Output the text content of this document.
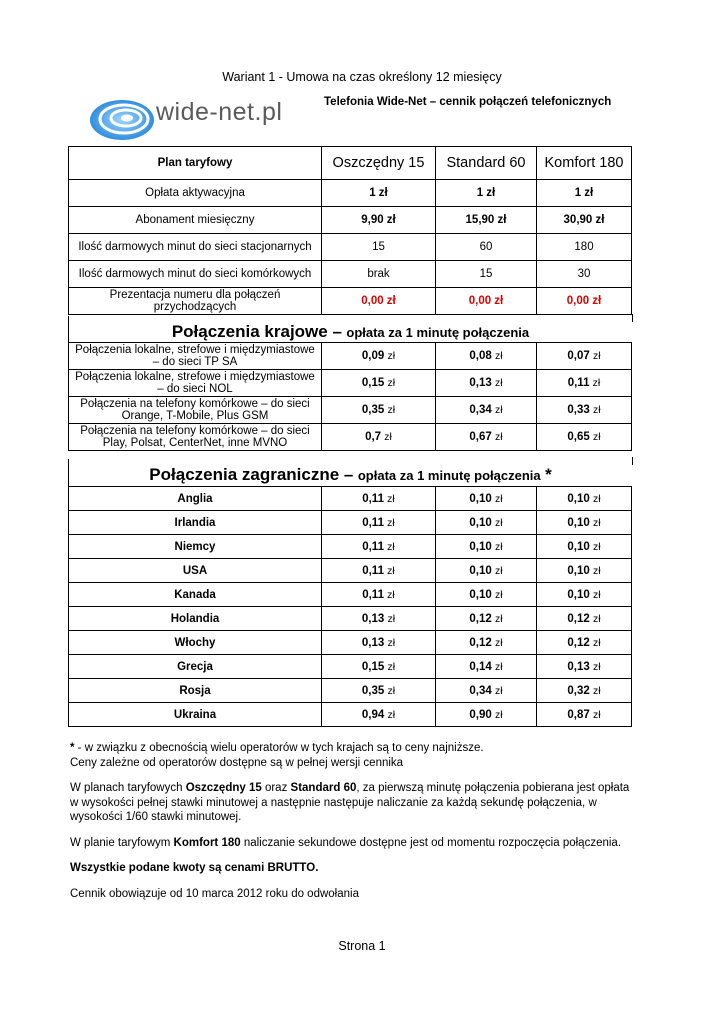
Wariant 1 - Umowa na czas określony 12 miesięcy
wide-net.pl	Telefonia Wide-Net – cennik połączeń telefonicznych
Plan taryfowy	Oszczędny 15	Standard 60	Komfort 180
Opłata aktywacyjna	1 zł	1 zł	1 zł
Abonament miesięczny	9,90 zł	15,90 zł	30,90 zł
Ilość darmowych minut do sieci stacjonarnych	15	60	180
Ilość darmowych minut do sieci komórkowych	brak	15	30
Prezentacja numeru dla połączeń przychodzących	0,00 zł	0,00 zł	0,00 zł
Połączenia krajowe – opłata za 1 minutę połączenia
Połączenia lokalne, strefowe i międzymiastowe – do sieci TP SA	0,09 zł	0,08 zł	0,07 zł
Połączenia lokalne, strefowe i międzymiastowe – do sieci NOL	0,15 zł	0,13 zł	0,11 zł
Połączenia na telefony komórkowe – do sieci Orange, T-Mobile, Plus GSM	0,35 zł	0,34 zł	0,33 zł
Połączenia na telefony komórkowe – do sieci Play, Polsat, CenterNet, inne MVNO	0,7 zł	0,67 zł	0,65 zł
Połączenia zagraniczne – opłata za 1 minutę połączenia *
Anglia	0,11 zł	0,10 zł	0,10 zł
Irlandia	0,11 zł	0,10 zł	0,10 zł
Niemcy	0,11 zł	0,10 zł	0,10 zł
USA	0,11 zł	0,10 zł	0,10 zł
Kanada	0,11 zł	0,10 zł	0,10 zł
Holandia	0,13 zł	0,12 zł	0,12 zł
Włochy	0,13 zł	0,12 zł	0,12 zł
Grecja	0,15 zł	0,14 zł	0,13 zł
Rosja	0,35 zł	0,34 zł	0,32 zł
Ukraina	0,94 zł	0,90 zł	0,87 zł

* - w związku z obecnością wielu operatorów w tych krajach są to ceny najniższe.
Ceny zależne od operatorów dostępne są w pełnej wersji cennika

W planach taryfowych Oszczędny 15 oraz Standard 60, za pierwszą minutę połączenia pobierana jest opłata w wysokości pełnej stawki minutowej a następnie następuje naliczanie za każdą sekundę połączenia, w wysokości 1/60 stawki minutowej.

W planie taryfowym Komfort 180 naliczanie sekundowe dostępne jest od momentu rozpoczęcia połączenia.

Wszystkie podane kwoty są cenami BRUTTO.

Cennik obowiązuje od 10 marca 2012 roku do odwołania

Strona 1
